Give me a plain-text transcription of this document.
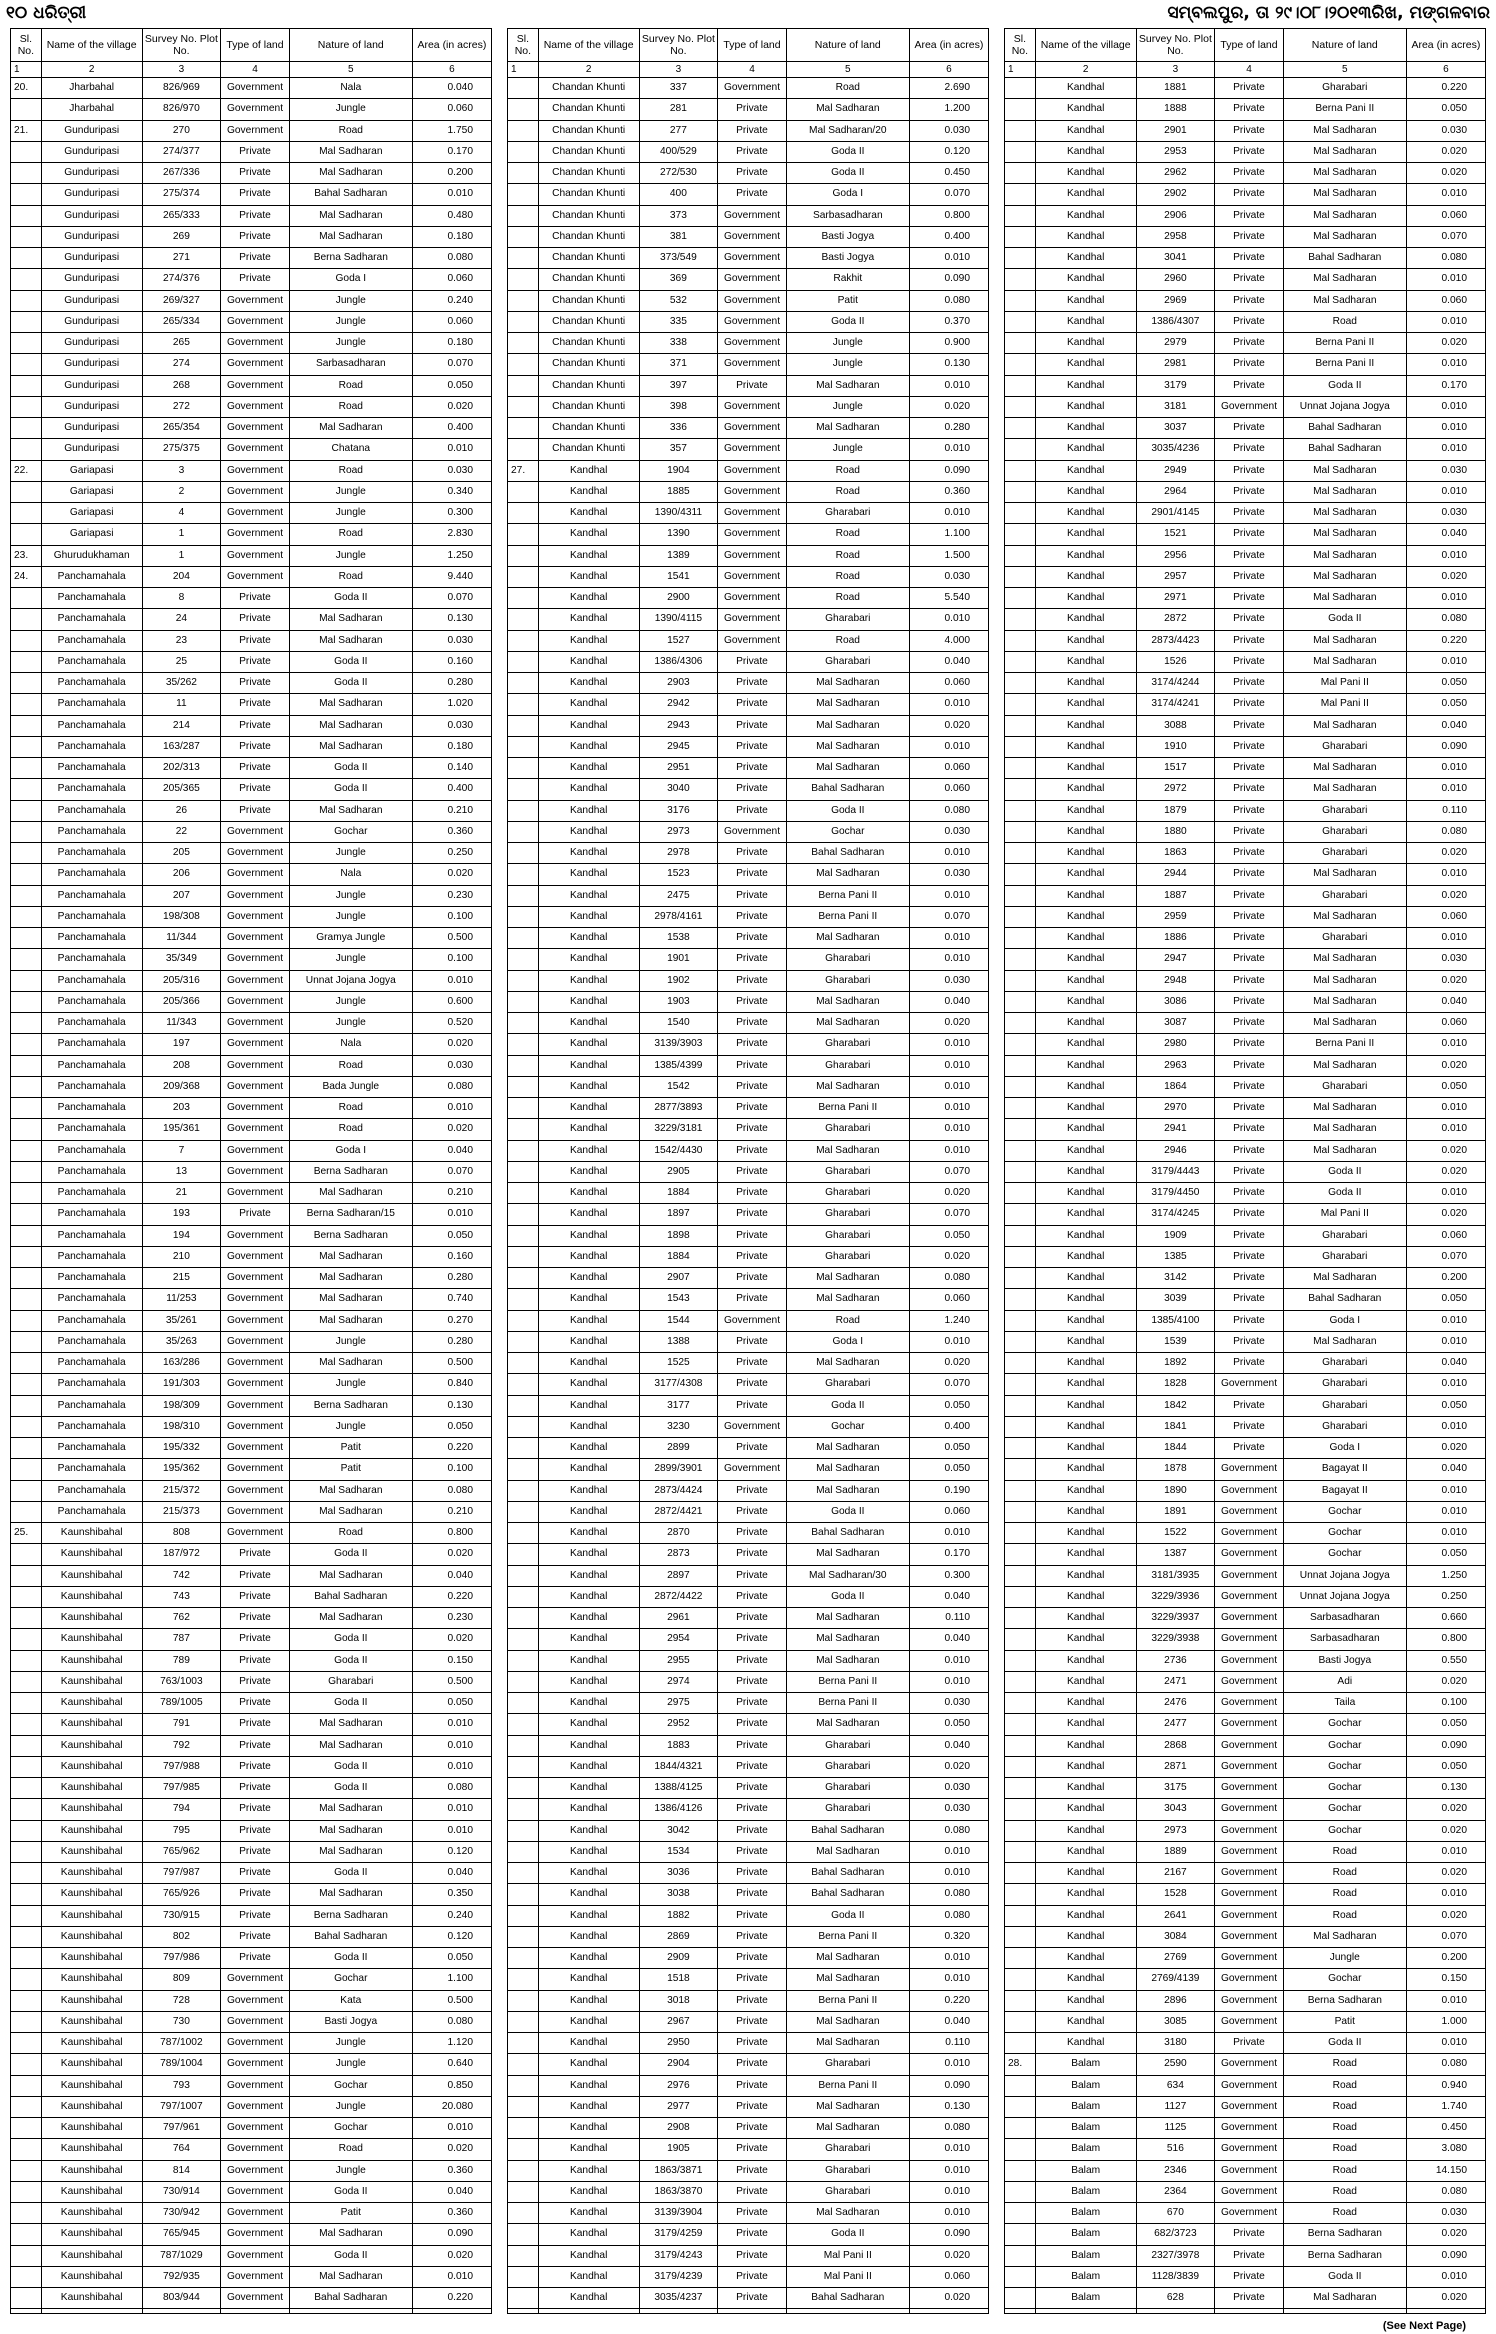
୧୦ ଧରିତ୍ରୀ	ସମ୍ବଲପୁର, ତା ୨୯।୦୮।୨୦୧୩ରିଖ, ମଙ୍ଗଳବାର
Sl. No.	Name of the village	Survey No. Plot No.	Type of land	Nature of land	Area (in acres)
1	2	3	4	5	6
20.	Jharbahal	826/969	Government	Nala	0.040
	Jharbahal	826/970	Government	Jungle	0.060
21.	Gunduripasi	270	Government	Road	1.750
	Gunduripasi	274/377	Private	Mal Sadharan	0.170
	Gunduripasi	267/336	Private	Mal Sadharan	0.200
	Gunduripasi	275/374	Private	Bahal Sadharan	0.010
	Gunduripasi	265/333	Private	Mal Sadharan	0.480
	Gunduripasi	269	Private	Mal Sadharan	0.180
	Gunduripasi	271	Private	Berna Sadharan	0.080
	Gunduripasi	274/376	Private	Goda I	0.060
	Gunduripasi	269/327	Government	Jungle	0.240
	Gunduripasi	265/334	Government	Jungle	0.060
	Gunduripasi	265	Government	Jungle	0.180
	Gunduripasi	274	Government	Sarbasadharan	0.070
	Gunduripasi	268	Government	Road	0.050
	Gunduripasi	272	Government	Road	0.020
	Gunduripasi	265/354	Government	Mal Sadharan	0.400
	Gunduripasi	275/375	Government	Chatana	0.010
22.	Gariapasi	3	Government	Road	0.030
	Gariapasi	2	Government	Jungle	0.340
	Gariapasi	4	Government	Jungle	0.300
	Gariapasi	1	Government	Road	2.830
23.	Ghurudukhaman	1	Government	Jungle	1.250
24.	Panchamahala	204	Government	Road	9.440
	Panchamahala	8	Private	Goda II	0.070
	Panchamahala	24	Private	Mal Sadharan	0.130
	Panchamahala	23	Private	Mal Sadharan	0.030
	Panchamahala	25	Private	Goda II	0.160
	Panchamahala	35/262	Private	Goda II	0.280
	Panchamahala	11	Private	Mal Sadharan	1.020
	Panchamahala	214	Private	Mal Sadharan	0.030
	Panchamahala	163/287	Private	Mal Sadharan	0.180
	Panchamahala	202/313	Private	Goda II	0.140
	Panchamahala	205/365	Private	Goda II	0.400
	Panchamahala	26	Private	Mal Sadharan	0.210
	Panchamahala	22	Government	Gochar	0.360
	Panchamahala	205	Government	Jungle	0.250
	Panchamahala	206	Government	Nala	0.020
	Panchamahala	207	Government	Jungle	0.230
	Panchamahala	198/308	Government	Jungle	0.100
	Panchamahala	11/344	Government	Gramya Jungle	0.500
	Panchamahala	35/349	Government	Jungle	0.100
	Panchamahala	205/316	Government	Unnat Jojana Jogya	0.010
	Panchamahala	205/366	Government	Jungle	0.600
	Panchamahala	11/343	Government	Jungle	0.520
	Panchamahala	197	Government	Nala	0.020
	Panchamahala	208	Government	Road	0.030
	Panchamahala	209/368	Government	Bada Jungle	0.080
	Panchamahala	203	Government	Road	0.010
	Panchamahala	195/361	Government	Road	0.020
	Panchamahala	7	Government	Goda I	0.040
	Panchamahala	13	Government	Berna Sadharan	0.070
	Panchamahala	21	Government	Mal Sadharan	0.210
	Panchamahala	193	Private	Berna Sadharan/15	0.010
	Panchamahala	194	Government	Berna Sadharan	0.050
	Panchamahala	210	Government	Mal Sadharan	0.160
	Panchamahala	215	Government	Mal Sadharan	0.280
	Panchamahala	11/253	Government	Mal Sadharan	0.740
	Panchamahala	35/261	Government	Mal Sadharan	0.270
	Panchamahala	35/263	Government	Jungle	0.280
	Panchamahala	163/286	Government	Mal Sadharan	0.500
	Panchamahala	191/303	Government	Jungle	0.840
	Panchamahala	198/309	Government	Berna Sadharan	0.130
	Panchamahala	198/310	Government	Jungle	0.050
	Panchamahala	195/332	Government	Patit	0.220
	Panchamahala	195/362	Government	Patit	0.100
	Panchamahala	215/372	Government	Mal Sadharan	0.080
	Panchamahala	215/373	Government	Mal Sadharan	0.210
25.	Kaunshibahal	808	Government	Road	0.800
	Kaunshibahal	187/972	Private	Goda II	0.020
	Kaunshibahal	742	Private	Mal Sadharan	0.040
	Kaunshibahal	743	Private	Bahal Sadharan	0.220
	Kaunshibahal	762	Private	Mal Sadharan	0.230
	Kaunshibahal	787	Private	Goda II	0.020
	Kaunshibahal	789	Private	Goda II	0.150
	Kaunshibahal	763/1003	Private	Gharabari	0.500
	Kaunshibahal	789/1005	Private	Goda II	0.050
	Kaunshibahal	791	Private	Mal Sadharan	0.010
	Kaunshibahal	792	Private	Mal Sadharan	0.010
	Kaunshibahal	797/988	Private	Goda II	0.010
	Kaunshibahal	797/985	Private	Goda II	0.080
	Kaunshibahal	794	Private	Mal Sadharan	0.010
	Kaunshibahal	795	Private	Mal Sadharan	0.010
	Kaunshibahal	765/962	Private	Mal Sadharan	0.120
	Kaunshibahal	797/987	Private	Goda II	0.040
	Kaunshibahal	765/926	Private	Mal Sadharan	0.350
	Kaunshibahal	730/915	Private	Berna Sadharan	0.240
	Kaunshibahal	802	Private	Bahal Sadharan	0.120
	Kaunshibahal	797/986	Private	Goda II	0.050
	Kaunshibahal	809	Government	Gochar	1.100
	Kaunshibahal	728	Government	Kata	0.500
	Kaunshibahal	730	Government	Basti Jogya	0.080
	Kaunshibahal	787/1002	Government	Jungle	1.120
	Kaunshibahal	789/1004	Government	Jungle	0.640
	Kaunshibahal	793	Government	Gochar	0.850
	Kaunshibahal	797/1007	Government	Jungle	20.080
	Kaunshibahal	797/961	Government	Gochar	0.010
	Kaunshibahal	764	Government	Road	0.020
	Kaunshibahal	814	Government	Jungle	0.360
	Kaunshibahal	730/914	Government	Goda II	0.040
	Kaunshibahal	730/942	Government	Patit	0.360
	Kaunshibahal	765/945	Government	Mal Sadharan	0.090
	Kaunshibahal	787/1029	Government	Goda II	0.020
	Kaunshibahal	792/935	Government	Mal Sadharan	0.010
	Kaunshibahal	803/944	Government	Bahal Sadharan	0.220

Sl. No.	Name of the village	Survey No. Plot No.	Type of land	Nature of land	Area (in acres)
1	2	3	4	5	6
	Chandan Khunti	337	Government	Road	2.690
	Chandan Khunti	281	Private	Mal Sadharan	1.200
	Chandan Khunti	277	Private	Mal Sadharan/20	0.030
	Chandan Khunti	400/529	Private	Goda II	0.120
	Chandan Khunti	272/530	Private	Goda II	0.450
	Chandan Khunti	400	Private	Goda I	0.070
	Chandan Khunti	373	Government	Sarbasadharan	0.800
	Chandan Khunti	381	Government	Basti Jogya	0.400
	Chandan Khunti	373/549	Government	Basti Jogya	0.010
	Chandan Khunti	369	Government	Rakhit	0.090
	Chandan Khunti	532	Government	Patit	0.080
	Chandan Khunti	335	Government	Goda II	0.370
	Chandan Khunti	338	Government	Jungle	0.900
	Chandan Khunti	371	Government	Jungle	0.130
	Chandan Khunti	397	Private	Mal Sadharan	0.010
	Chandan Khunti	398	Government	Jungle	0.020
	Chandan Khunti	336	Government	Mal Sadharan	0.280
	Chandan Khunti	357	Government	Jungle	0.010
27.	Kandhal	1904	Government	Road	0.090
	Kandhal	1885	Government	Road	0.360
	Kandhal	1390/4311	Government	Gharabari	0.010
	Kandhal	1390	Government	Road	1.100
	Kandhal	1389	Government	Road	1.500
	Kandhal	1541	Government	Road	0.030
	Kandhal	2900	Government	Road	5.540
	Kandhal	1390/4115	Government	Gharabari	0.010
	Kandhal	1527	Government	Road	4.000
	Kandhal	1386/4306	Private	Gharabari	0.040
	Kandhal	2903	Private	Mal Sadharan	0.060
	Kandhal	2942	Private	Mal Sadharan	0.010
	Kandhal	2943	Private	Mal Sadharan	0.020
	Kandhal	2945	Private	Mal Sadharan	0.010
	Kandhal	2951	Private	Mal Sadharan	0.060
	Kandhal	3040	Private	Bahal Sadharan	0.060
	Kandhal	3176	Private	Goda II	0.080
	Kandhal	2973	Government	Gochar	0.030
	Kandhal	2978	Private	Bahal Sadharan	0.010
	Kandhal	1523	Private	Mal Sadharan	0.030
	Kandhal	2475	Private	Berna Pani II	0.010
	Kandhal	2978/4161	Private	Berna Pani II	0.070
	Kandhal	1538	Private	Mal Sadharan	0.010
	Kandhal	1901	Private	Gharabari	0.010
	Kandhal	1902	Private	Gharabari	0.030
	Kandhal	1903	Private	Mal Sadharan	0.040
	Kandhal	1540	Private	Mal Sadharan	0.020
	Kandhal	3139/3903	Private	Gharabari	0.010
	Kandhal	1385/4399	Private	Gharabari	0.010
	Kandhal	1542	Private	Mal Sadharan	0.010
	Kandhal	2877/3893	Private	Berna Pani II	0.010
	Kandhal	3229/3181	Private	Gharabari	0.010
	Kandhal	1542/4430	Private	Mal Sadharan	0.010
	Kandhal	2905	Private	Gharabari	0.070
	Kandhal	1884	Private	Gharabari	0.020
	Kandhal	1897	Private	Gharabari	0.070
	Kandhal	1898	Private	Gharabari	0.050
	Kandhal	1884	Private	Gharabari	0.020
	Kandhal	2907	Private	Mal Sadharan	0.080
	Kandhal	1543	Private	Mal Sadharan	0.060
	Kandhal	1544	Government	Road	1.240
	Kandhal	1388	Private	Goda I	0.010
	Kandhal	1525	Private	Mal Sadharan	0.020
	Kandhal	3177/4308	Private	Gharabari	0.070
	Kandhal	3177	Private	Goda II	0.050
	Kandhal	3230	Government	Gochar	0.400
	Kandhal	2899	Private	Mal Sadharan	0.050
	Kandhal	2899/3901	Government	Mal Sadharan	0.050
	Kandhal	2873/4424	Private	Mal Sadharan	0.190
	Kandhal	2872/4421	Private	Goda II	0.060
	Kandhal	2870	Private	Bahal Sadharan	0.010
	Kandhal	2873	Private	Mal Sadharan	0.170
	Kandhal	2897	Private	Mal Sadharan/30	0.300
	Kandhal	2872/4422	Private	Goda II	0.040
	Kandhal	2961	Private	Mal Sadharan	0.110
	Kandhal	2954	Private	Mal Sadharan	0.040
	Kandhal	2955	Private	Mal Sadharan	0.010
	Kandhal	2974	Private	Berna Pani II	0.010
	Kandhal	2975	Private	Berna Pani II	0.030
	Kandhal	2952	Private	Mal Sadharan	0.050
	Kandhal	1883	Private	Gharabari	0.040
	Kandhal	1844/4321	Private	Gharabari	0.020
	Kandhal	1388/4125	Private	Gharabari	0.030
	Kandhal	1386/4126	Private	Gharabari	0.030
	Kandhal	3042	Private	Bahal Sadharan	0.080
	Kandhal	1534	Private	Mal Sadharan	0.010
	Kandhal	3036	Private	Bahal Sadharan	0.010
	Kandhal	3038	Private	Bahal Sadharan	0.080
	Kandhal	1882	Private	Goda II	0.080
	Kandhal	2869	Private	Berna Pani II	0.320
	Kandhal	2909	Private	Mal Sadharan	0.010
	Kandhal	1518	Private	Mal Sadharan	0.010
	Kandhal	3018	Private	Berna Pani II	0.220
	Kandhal	2967	Private	Mal Sadharan	0.040
	Kandhal	2950	Private	Mal Sadharan	0.110
	Kandhal	2904	Private	Gharabari	0.010
	Kandhal	2976	Private	Berna Pani II	0.090
	Kandhal	2977	Private	Mal Sadharan	0.130
	Kandhal	2908	Private	Mal Sadharan	0.080
	Kandhal	1905	Private	Gharabari	0.010
	Kandhal	1863/3871	Private	Gharabari	0.010
	Kandhal	1863/3870	Private	Gharabari	0.010
	Kandhal	3139/3904	Private	Mal Sadharan	0.010
	Kandhal	3179/4259	Private	Goda II	0.090
	Kandhal	3179/4243	Private	Mal Pani II	0.020
	Kandhal	3179/4239	Private	Mal Pani II	0.060
	Kandhal	3035/4237	Private	Bahal Sadharan	0.020

Sl. No.	Name of the village	Survey No. Plot No.	Type of land	Nature of land	Area (in acres)
1	2	3	4	5	6
	Kandhal	1881	Private	Gharabari	0.220
	Kandhal	1888	Private	Berna Pani II	0.050
	Kandhal	2901	Private	Mal Sadharan	0.030
	Kandhal	2953	Private	Mal Sadharan	0.020
	Kandhal	2962	Private	Mal Sadharan	0.020
	Kandhal	2902	Private	Mal Sadharan	0.010
	Kandhal	2906	Private	Mal Sadharan	0.060
	Kandhal	2958	Private	Mal Sadharan	0.070
	Kandhal	3041	Private	Bahal Sadharan	0.080
	Kandhal	2960	Private	Mal Sadharan	0.010
	Kandhal	2969	Private	Mal Sadharan	0.060
	Kandhal	1386/4307	Private	Road	0.010
	Kandhal	2979	Private	Berna Pani II	0.020
	Kandhal	2981	Private	Berna Pani II	0.010
	Kandhal	3179	Private	Goda II	0.170
	Kandhal	3181	Government	Unnat Jojana Jogya	0.010
	Kandhal	3037	Private	Bahal Sadharan	0.010
	Kandhal	3035/4236	Private	Bahal Sadharan	0.010
	Kandhal	2949	Private	Mal Sadharan	0.030
	Kandhal	2964	Private	Mal Sadharan	0.010
	Kandhal	2901/4145	Private	Mal Sadharan	0.030
	Kandhal	1521	Private	Mal Sadharan	0.040
	Kandhal	2956	Private	Mal Sadharan	0.010
	Kandhal	2957	Private	Mal Sadharan	0.020
	Kandhal	2971	Private	Mal Sadharan	0.010
	Kandhal	2872	Private	Goda II	0.080
	Kandhal	2873/4423	Private	Mal Sadharan	0.220
	Kandhal	1526	Private	Mal Sadharan	0.010
	Kandhal	3174/4244	Private	Mal Pani II	0.050
	Kandhal	3174/4241	Private	Mal Pani II	0.050
	Kandhal	3088	Private	Mal Sadharan	0.040
	Kandhal	1910	Private	Gharabari	0.090
	Kandhal	1517	Private	Mal Sadharan	0.010
	Kandhal	2972	Private	Mal Sadharan	0.010
	Kandhal	1879	Private	Gharabari	0.110
	Kandhal	1880	Private	Gharabari	0.080
	Kandhal	1863	Private	Gharabari	0.020
	Kandhal	2944	Private	Mal Sadharan	0.010
	Kandhal	1887	Private	Gharabari	0.020
	Kandhal	2959	Private	Mal Sadharan	0.060
	Kandhal	1886	Private	Gharabari	0.010
	Kandhal	2947	Private	Mal Sadharan	0.030
	Kandhal	2948	Private	Mal Sadharan	0.020
	Kandhal	3086	Private	Mal Sadharan	0.040
	Kandhal	3087	Private	Mal Sadharan	0.060
	Kandhal	2980	Private	Berna Pani II	0.010
	Kandhal	2963	Private	Mal Sadharan	0.020
	Kandhal	1864	Private	Gharabari	0.050
	Kandhal	2970	Private	Mal Sadharan	0.010
	Kandhal	2941	Private	Mal Sadharan	0.010
	Kandhal	2946	Private	Mal Sadharan	0.020
	Kandhal	3179/4443	Private	Goda II	0.020
	Kandhal	3179/4450	Private	Goda II	0.010
	Kandhal	3174/4245	Private	Mal Pani II	0.020
	Kandhal	1909	Private	Gharabari	0.060
	Kandhal	1385	Private	Gharabari	0.070
	Kandhal	3142	Private	Mal Sadharan	0.200
	Kandhal	3039	Private	Bahal Sadharan	0.050
	Kandhal	1385/4100	Private	Goda I	0.010
	Kandhal	1539	Private	Mal Sadharan	0.010
	Kandhal	1892	Private	Gharabari	0.040
	Kandhal	1828	Government	Gharabari	0.010
	Kandhal	1842	Private	Gharabari	0.050
	Kandhal	1841	Private	Gharabari	0.010
	Kandhal	1844	Private	Goda I	0.020
	Kandhal	1878	Government	Bagayat II	0.040
	Kandhal	1890	Government	Bagayat II	0.010
	Kandhal	1891	Government	Gochar	0.010
	Kandhal	1522	Government	Gochar	0.010
	Kandhal	1387	Government	Gochar	0.050
	Kandhal	3181/3935	Government	Unnat Jojana Jogya	1.250
	Kandhal	3229/3936	Government	Unnat Jojana Jogya	0.250
	Kandhal	3229/3937	Government	Sarbasadharan	0.660
	Kandhal	3229/3938	Government	Sarbasadharan	0.800
	Kandhal	2736	Government	Basti Jogya	0.550
	Kandhal	2471	Government	Adi	0.020
	Kandhal	2476	Government	Taila	0.100
	Kandhal	2477	Government	Gochar	0.050
	Kandhal	2868	Government	Gochar	0.090
	Kandhal	2871	Government	Gochar	0.050
	Kandhal	3175	Government	Gochar	0.130
	Kandhal	3043	Government	Gochar	0.020
	Kandhal	2973	Government	Gochar	0.020
	Kandhal	1889	Government	Road	0.010
	Kandhal	2167	Government	Road	0.020
	Kandhal	1528	Government	Road	0.010
	Kandhal	2641	Government	Road	0.020
	Kandhal	3084	Government	Mal Sadharan	0.070
	Kandhal	2769	Government	Jungle	0.200
	Kandhal	2769/4139	Government	Gochar	0.150
	Kandhal	2896	Government	Berna Sadharan	0.010
	Kandhal	3085	Government	Patit	1.000
	Kandhal	3180	Private	Goda II	0.010
28.	Balam	2590	Government	Road	0.080
	Balam	634	Government	Road	0.940
	Balam	1127	Government	Road	1.740
	Balam	1125	Government	Road	0.450
	Balam	516	Government	Road	3.080
	Balam	2346	Government	Road	14.150
	Balam	2364	Government	Road	0.080
	Balam	670	Government	Road	0.030
	Balam	682/3723	Private	Berna Sadharan	0.020
	Balam	2327/3978	Private	Berna Sadharan	0.090
	Balam	1128/3839	Private	Goda II	0.010
	Balam	628	Private	Mal Sadharan	0.020

(See Next Page)
